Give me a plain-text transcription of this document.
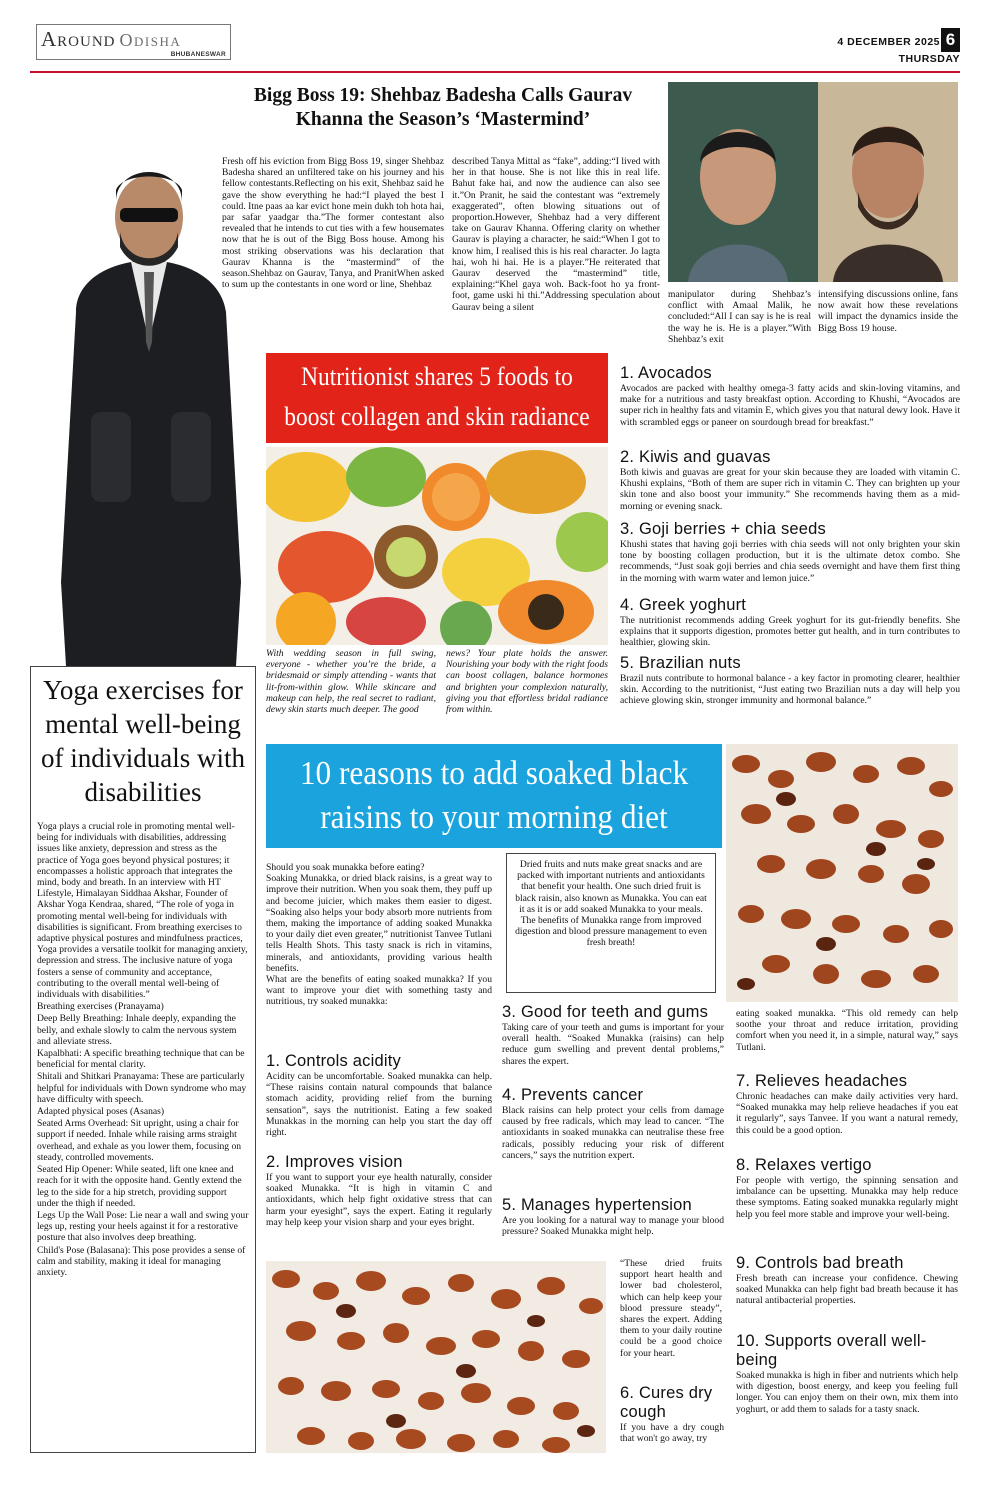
Around Odisha
BHUBANESWAR
4 DECEMBER 2025 6
THURSDAY
Bigg Boss 19: Shehbaz Badesha Calls Gaurav
Khanna the Season’s ‘Mastermind’
Fresh off his eviction from Bigg Boss 19, singer Shehbaz Badesha shared an unfiltered take on his journey and his fellow contestants.Reflecting on his exit, Shehbaz said he gave the show everything he had:“I played the best I could. Itne paas aa kar evict hone mein dukh toh hota hai, par safar yaadgar tha.”The former contestant also revealed that he intends to cut ties with a few housemates now that he is out of the Bigg Boss house. Among his most striking observations was his declaration that Gaurav Khanna is the “mastermind” of the season.Shehbaz on Gaurav, Tanya, and PranitWhen asked to sum up the contestants in one word or line, Shehbaz
described Tanya Mittal as “fake”, adding:“I lived with her in that house. She is not like this in real life. Bahut fake hai, and now the audience can also see it.”On Pranit, he said the contestant was “extremely exaggerated”, often blowing situations out of proportion.However, Shehbaz had a very different take on Gaurav Khanna. Offering clarity on whether Gaurav is playing a character, he said:“When I got to know him, I realised this is his real character. Jo lagta hai, woh hi hai. He is a player.”He reiterated that Gaurav deserved the “mastermind” title, explaining:“Khel gaya woh. Back-foot ho ya front-foot, game uski hi thi.”Addressing speculation about Gaurav being a silent
manipulator during Shehbaz’s conflict with Amaal Malik, he concluded:“All I can say is he is real the way he is. He is a player.”With Shehbaz’s exit
intensifying discussions online, fans now await how these revelations will impact the dynamics inside the Bigg Boss 19 house.
Nutritionist shares 5 foods to
boost collagen and skin radiance
With wedding season in full swing, everyone - whether you’re the bride, a bridesmaid or simply attending - wants that lit-from-within glow. While skincare and makeup can help, the real secret to radiant, dewy skin starts much deeper. The good
news? Your plate holds the answer. Nourishing your body with the right foods can boost collagen, balance hormones and brighten your complexion naturally, giving you that effortless bridal radiance from within.
1. Avocados
Avocados are packed with healthy omega-3 fatty acids and skin-loving vitamins, and make for a nutritious and tasty breakfast option. According to Khushi, “Avocados are super rich in healthy fats and vitamin E, which gives you that natural dewy look. Have it with scrambled eggs or paneer on sourdough bread for breakfast.”
2. Kiwis and guavas
Both kiwis and guavas are great for your skin because they are loaded with vitamin C. Khushi explains, “Both of them are super rich in vitamin C. They can brighten up your skin tone and also boost your immunity.” She recommends having them as a mid-morning or evening snack.
3. Goji berries + chia seeds
Khushi states that having goji berries with chia seeds will not only brighten your skin tone by boosting collagen production, but it is the ultimate detox combo. She recommends, “Just soak goji berries and chia seeds overnight and have them first thing in the morning with warm water and lemon juice.”
4. Greek yoghurt
The nutritionist recommends adding Greek yoghurt for its gut-friendly benefits. She explains that it supports digestion, promotes better gut health, and in turn contributes to healthier, glowing skin.
5. Brazilian nuts
Brazil nuts contribute to hormonal balance - a key factor in promoting clearer, healthier skin. According to the nutritionist, “Just eating two Brazilian nuts a day will help you achieve glowing skin, stronger immunity and hormonal balance.”
Yoga exercises for mental well-being of individuals with disabilities

Yoga plays a crucial role in promoting mental well-being for individuals with disabilities, addressing issues like anxiety, depression and stress as the practice of Yoga goes beyond physical postures; it encompasses a holistic approach that integrates the mind, body and breath. In an interview with HT Lifestyle, Himalayan Siddhaa Akshar, Founder of Akshar Yoga Kendraa, shared, “The role of yoga in promoting mental well-being for individuals with disabilities is significant. From breathing exercises to adaptive physical postures and mindfulness practices, Yoga provides a versatile toolkit for managing anxiety, depression and stress. The inclusive nature of yoga fosters a sense of community and acceptance, contributing to the overall mental well-being of individuals with disabilities.”

Breathing exercises (Pranayama)

Deep Belly Breathing: Inhale deeply, expanding the belly, and exhale slowly to calm the nervous system and alleviate stress.

Kapalbhati: A specific breathing technique that can be beneficial for mental clarity.

Shitali and Shitkari Pranayama: These are particularly helpful for individuals with Down syndrome who may have difficulty with speech.

Adapted physical poses (Asanas)

Seated Arms Overhead: Sit upright, using a chair for support if needed. Inhale while raising arms straight overhead, and exhale as you lower them, focusing on steady, controlled movements.

Seated Hip Opener: While seated, lift one knee and reach for it with the opposite hand. Gently extend the leg to the side for a hip stretch, providing support under the thigh if needed.

Legs Up the Wall Pose: Lie near a wall and swing your legs up, resting your heels against it for a restorative posture that also involves deep breathing.

Child's Pose (Balasana): This pose provides a sense of calm and stability, making it ideal for managing anxiety.

10 reasons to add soaked black
raisins to your morning diet

Should you soak munakka before eating?

Soaking Munakka, or dried black raisins, is a great way to improve their nutrition. When you soak them, they puff up and become juicier, which makes them easier to digest. “Soaking also helps your body absorb more nutrients from them, making the importance of adding soaked Munakka to your daily diet even greater,” nutritionist Tanvee Tutlani tells Health Shots. This tasty snack is rich in vitamins, minerals, and antioxidants, providing various health benefits.

What are the benefits of eating soaked munakka? If you want to improve your diet with something tasty and nutritious, try soaked munakka:

Dried fruits and nuts make great snacks and are packed with important nutrients and antioxidants that benefit your health. One such dried fruit is black raisin, also known as Munakka. You can eat it as it is or add soaked Munakka to your meals. The benefits of Munakka range from improved digestion and blood pressure management to even fresh breath!
1. Controls acidity
Acidity can be uncomfortable. Soaked munakka can help. “These raisins contain natural compounds that balance stomach acidity, providing relief from the burning sensation”, says the nutritionist. Eating a few soaked Munakkas in the morning can help you start the day off right.
2. Improves vision
If you want to support your eye health naturally, consider soaked Munakka. “It is high in vitamin C and antioxidants, which help fight oxidative stress that can harm your eyesight”, says the expert. Eating it regularly may help keep your vision sharp and your eyes bright.
3. Good for teeth and gums
Taking care of your teeth and gums is important for your overall health. “Soaked Munakka (raisins) can help reduce gum swelling and prevent dental problems,” shares the expert.
4. Prevents cancer
Black raisins can help protect your cells from damage caused by free radicals, which may lead to cancer. “The antioxidants in soaked munakka can neutralise these free radicals, possibly reducing your risk of different cancers,” says the nutrition expert.
5. Manages hypertension
Are you looking for a natural way to manage your blood pressure? Soaked Munakka might help.
“These dried fruits support heart health and lower bad cholesterol, which can help keep your blood pressure steady”, shares the expert. Adding them to your daily routine could be a good choice for your heart.
6. Cures dry cough
If you have a dry cough that won't go away, try
eating soaked munakka. “This old remedy can help soothe your throat and reduce irritation, providing comfort when you need it, in a simple, natural way,” says Tutlani.
7. Relieves headaches
Chronic headaches can make daily activities very hard. “Soaked munakka may help relieve headaches if you eat it regularly”, says Tanvee. If you want a natural remedy, this could be a good option.
8. Relaxes vertigo
For people with vertigo, the spinning sensation and imbalance can be upsetting. Munakka may help reduce these symptoms. Eating soaked munakka regularly might help you feel more stable and improve your well-being.
9. Controls bad breath
Fresh breath can increase your confidence. Chewing soaked Munakka can help fight bad breath because it has natural antibacterial properties.
10. Supports overall well-being
Soaked munakka is high in fiber and nutrients which help with digestion, boost energy, and keep you feeling full longer. You can enjoy them on their own, mix them into yoghurt, or add them to salads for a tasty snack.
